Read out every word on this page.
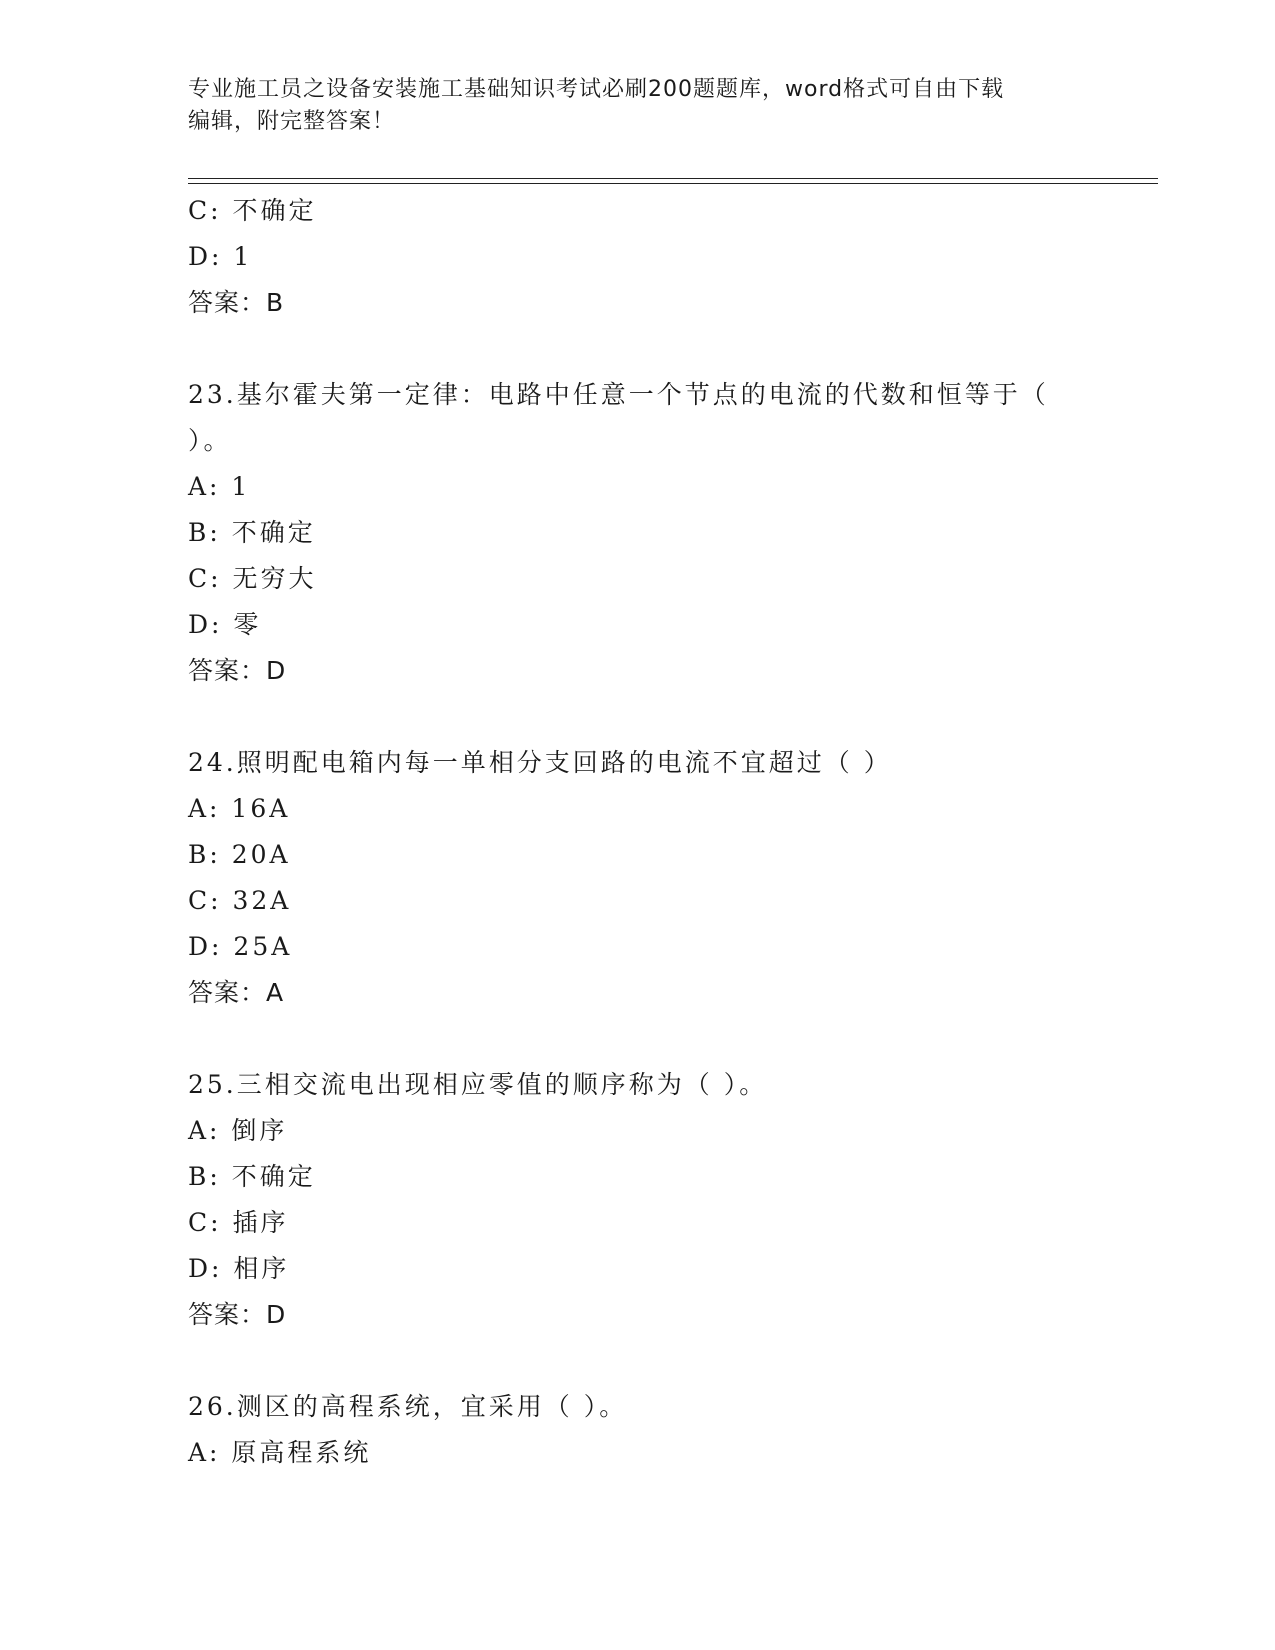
专业施工员之设备安装施工基础知识考试必刷200题题库，word格式可自由下载
编辑，附完整答案！
C: 不确定
D: 1
答案：B
23.基尔霍夫第一定律：电路中任意一个节点的电流的代数和恒等于（
）。
A: 1
B: 不确定
C: 无穷大
D: 零
答案：D
24.照明配电箱内每一单相分支回路的电流不宜超过（ ）
A: 16A
B: 20A
C: 32A
D: 25A
答案：A
25.三相交流电出现相应零值的顺序称为（ ）。
A: 倒序
B: 不确定
C: 插序
D: 相序
答案：D
26.测区的高程系统，宜采用（ ）。
A: 原高程系统
